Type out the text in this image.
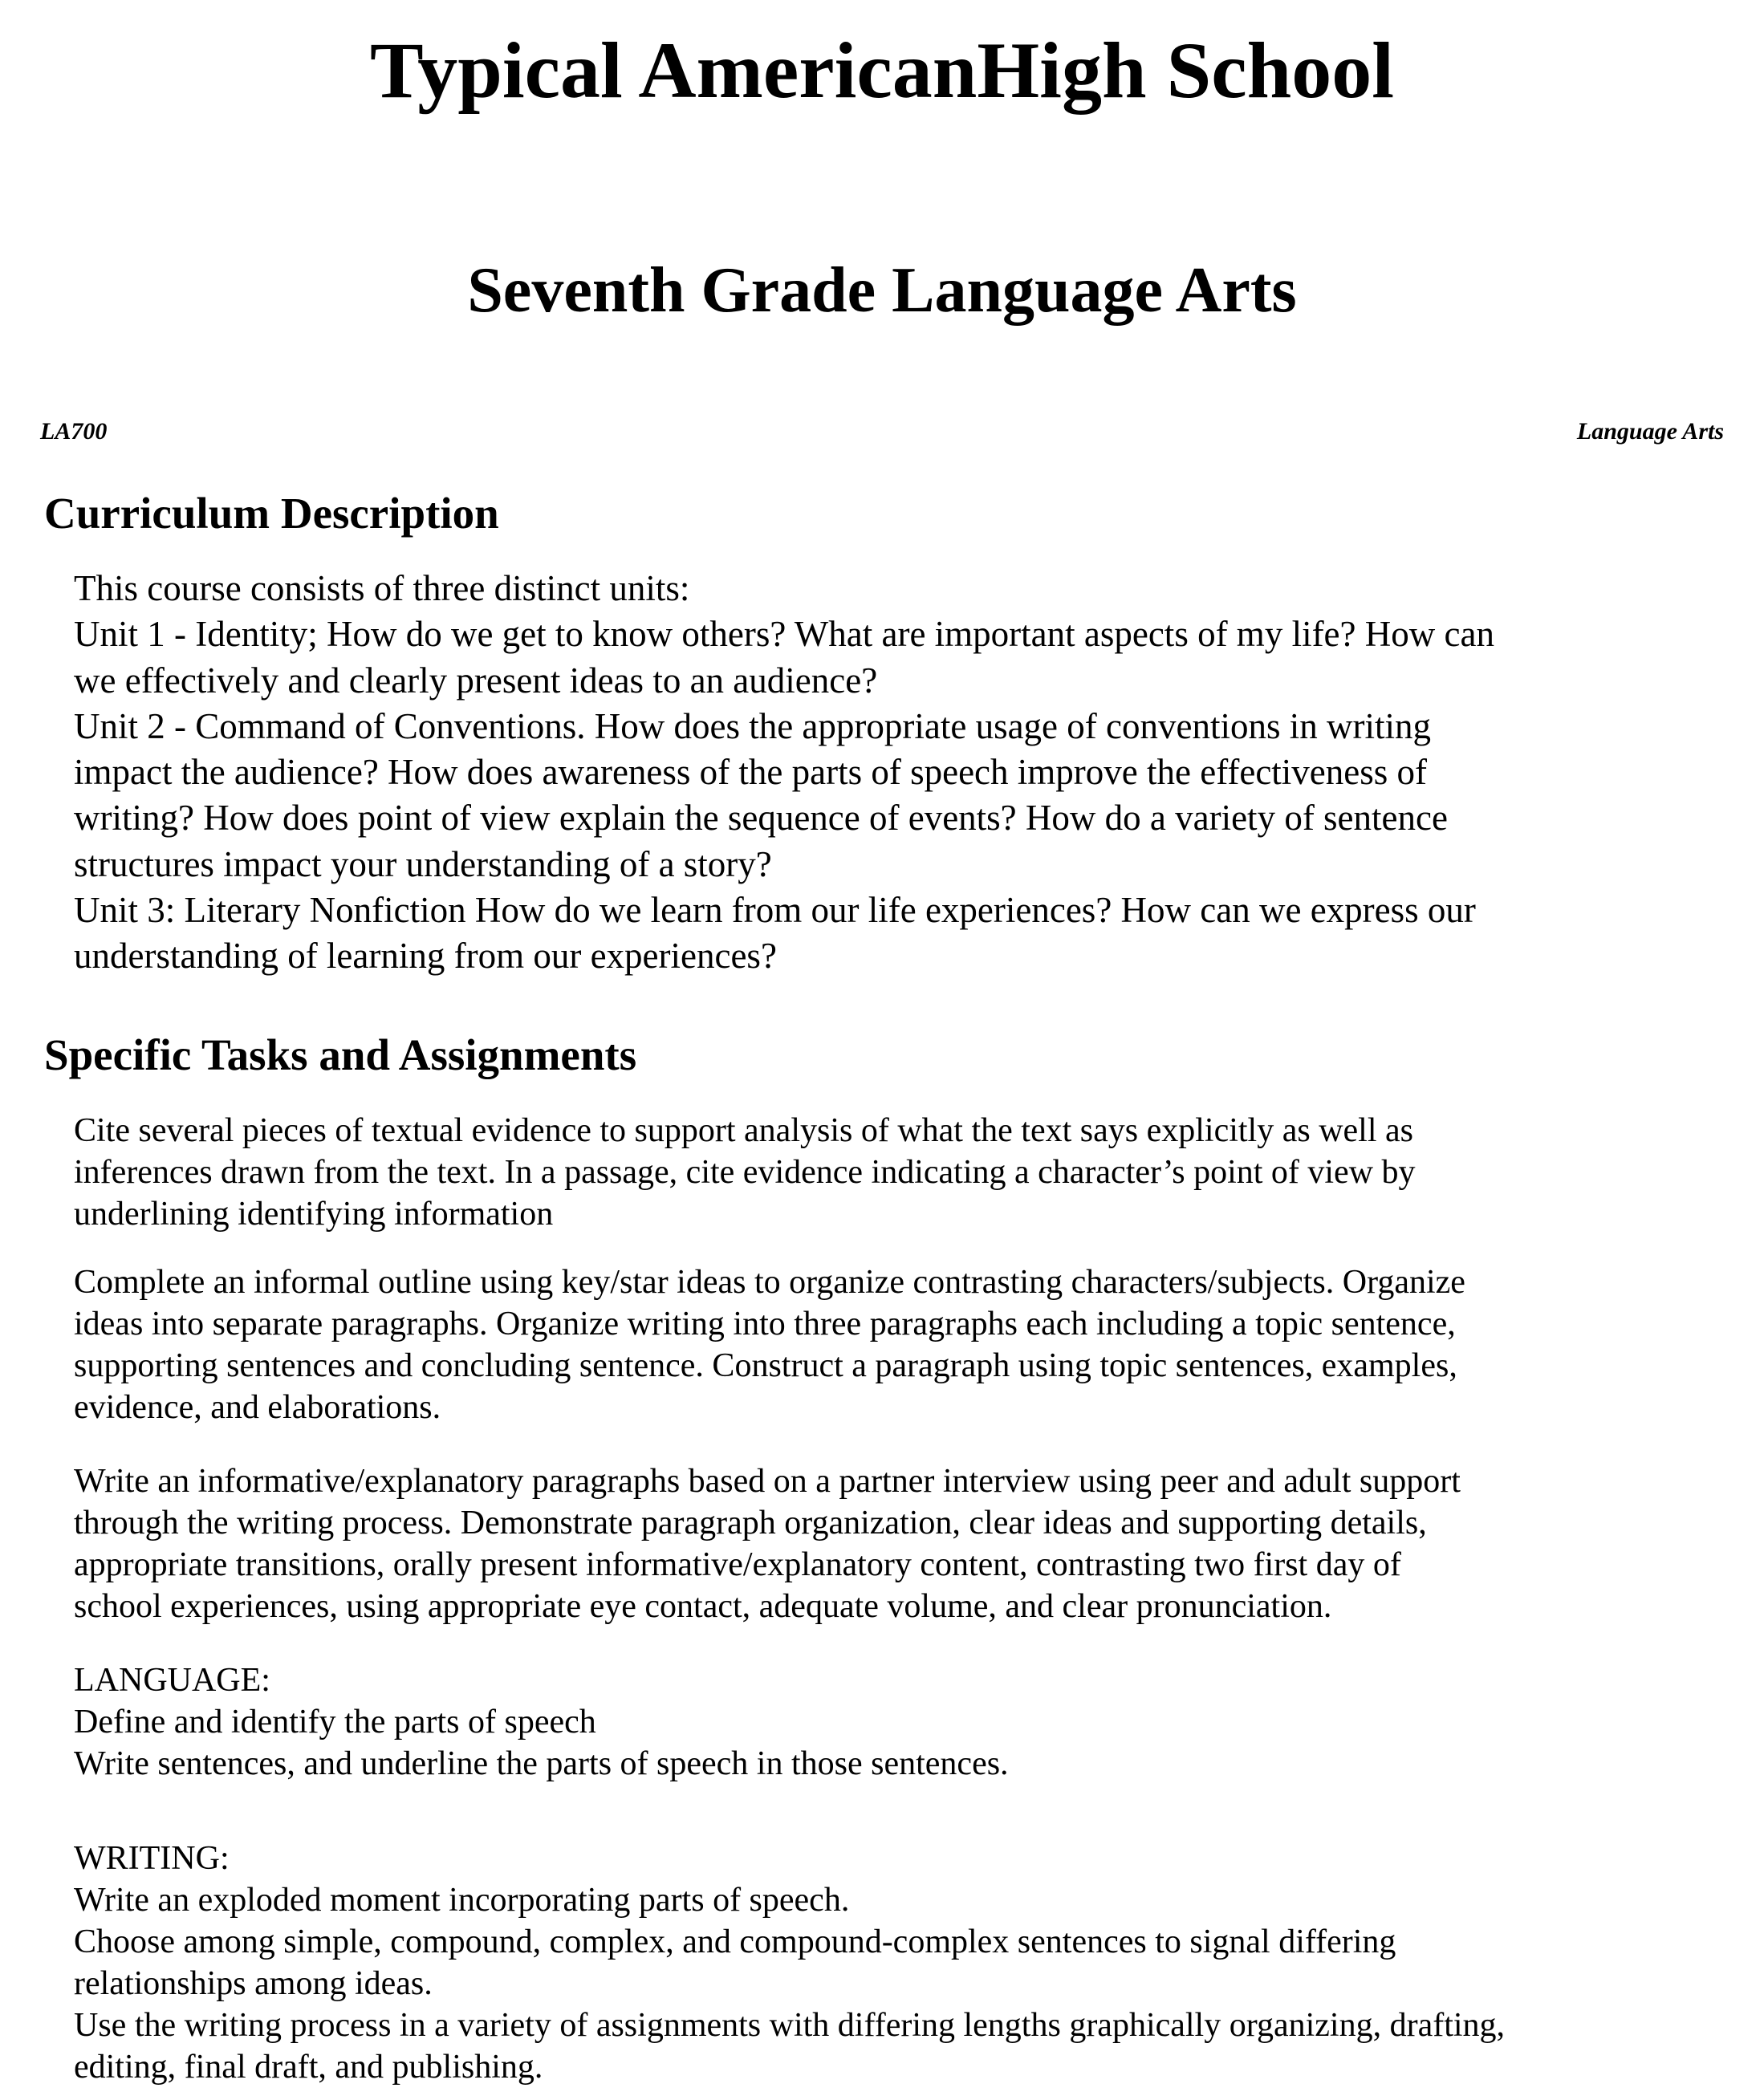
Typical AmericanHigh School
Seventh Grade Language Arts
LA700	Language Arts
Curriculum Description
This course consists of three distinct units:
Unit 1 - Identity; How do we get to know others? What are important aspects of my life? How can
we effectively and clearly present ideas to an audience?
Unit 2 - Command of Conventions. How does the appropriate usage of conventions in writing
impact the audience? How does awareness of the parts of speech improve the effectiveness of
writing? How does point of view explain the sequence of events? How do a variety of sentence
structures impact your understanding of a story?
Unit 3: Literary Nonfiction How do we learn from our life experiences? How can we express our
understanding of learning from our experiences?
Specific Tasks and Assignments
Cite several pieces of textual evidence to support analysis of what the text says explicitly as well as
inferences drawn from the text. In a passage, cite evidence indicating a character’s point of view by
underlining identifying information
Complete an informal outline using key/star ideas to organize contrasting characters/subjects. Organize
ideas into separate paragraphs. Organize writing into three paragraphs each including a topic sentence,
supporting sentences and concluding sentence. Construct a paragraph using topic sentences, examples,
evidence, and elaborations.
Write an informative/explanatory paragraphs based on a partner interview using peer and adult support
through the writing process. Demonstrate paragraph organization, clear ideas and supporting details,
appropriate transitions, orally present informative/explanatory content, contrasting two first day of
school experiences, using appropriate eye contact, adequate volume, and clear pronunciation.
LANGUAGE:
Define and identify the parts of speech
Write sentences, and underline the parts of speech in those sentences.
WRITING:
Write an exploded moment incorporating parts of speech.
Choose among simple, compound, complex, and compound-complex sentences to signal differing
relationships among ideas.
Use the writing process in a variety of assignments with differing lengths graphically organizing, drafting,
editing, final draft, and publishing.
